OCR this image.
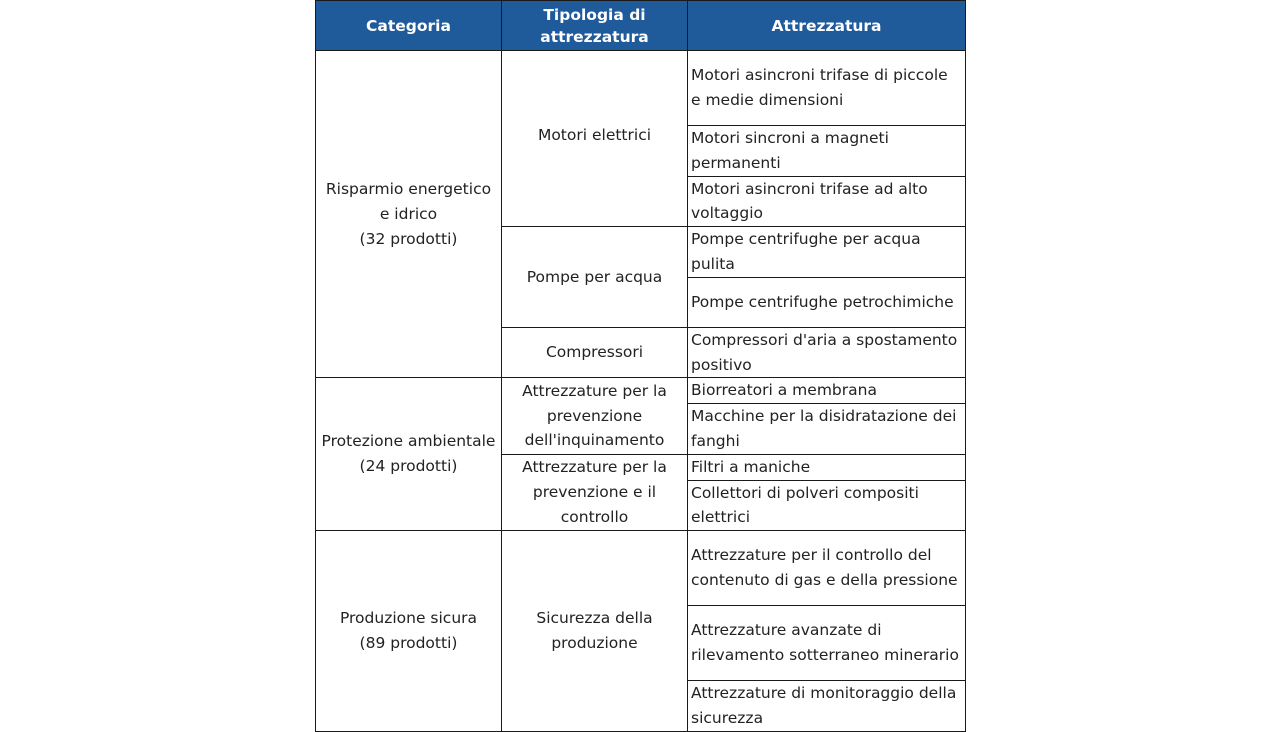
Categoria	Tipologia di attrezzatura	Attrezzatura
Risparmio energetico e idrico
(32 prodotti)	Motori elettrici	Motori asincroni trifase di piccole e medie dimensioni
		Motori sincroni a magneti permanenti
		Motori asincroni trifase ad alto voltaggio
	Pompe per acqua	Pompe centrifughe per acqua pulita
		Pompe centrifughe petrochimiche
	Compressori	Compressori d'aria a spostamento positivo
Protezione ambientale
(24 prodotti)	Attrezzature per la prevenzione dell'inquinamento	Biorreatori a membrana
		Macchine per la disidratazione dei fanghi
	Attrezzature per la prevenzione e il controllo	Filtri a maniche
		Collettori di polveri compositi elettrici
Produzione sicura
(89 prodotti)	Sicurezza della produzione	Attrezzature per il controllo del contenuto di gas e della pressione
		Attrezzature avanzate di rilevamento sotterraneo minerario
		Attrezzature di monitoraggio della sicurezza
